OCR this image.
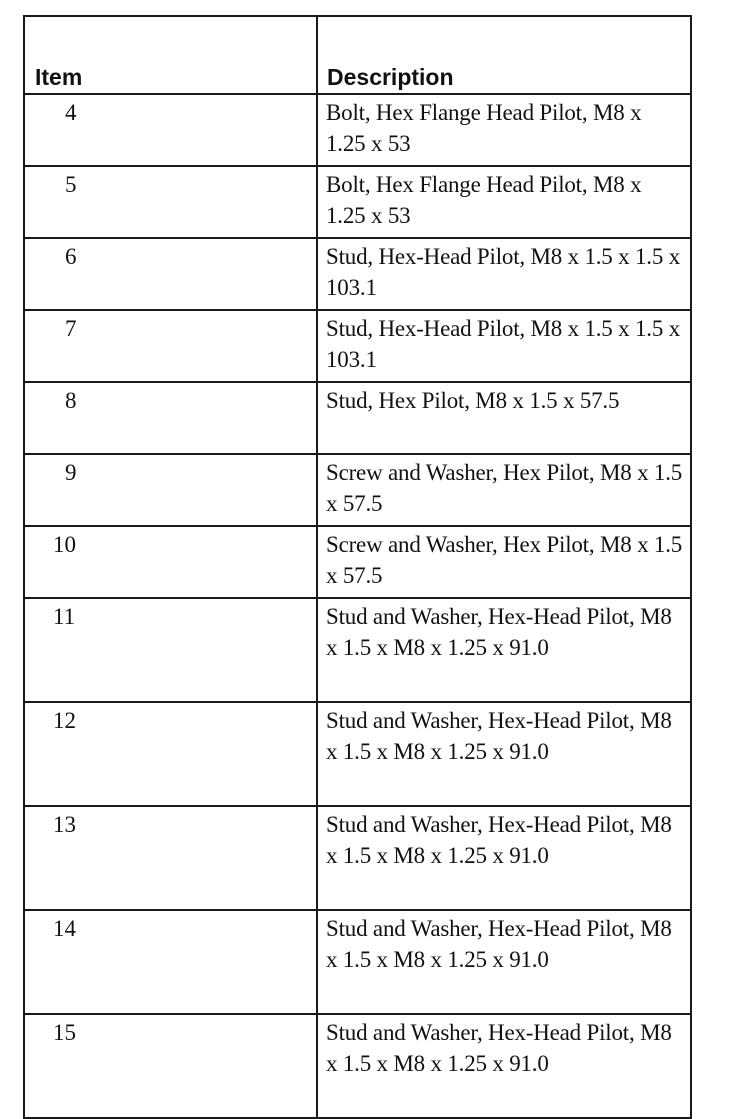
Item	Description
4	Bolt, Hex Flange Head Pilot, M8 x 1.25 x 53
5	Bolt, Hex Flange Head Pilot, M8 x 1.25 x 53
6	Stud, Hex-Head Pilot, M8 x 1.5 x 1.5 x 103.1
7	Stud, Hex-Head Pilot, M8 x 1.5 x 1.5 x 103.1
8	Stud, Hex Pilot, M8 x 1.5 x 57.5
9	Screw and Washer, Hex Pilot, M8 x 1.5 x 57.5
10	Screw and Washer, Hex Pilot, M8 x 1.5 x 57.5
11	Stud and Washer, Hex-Head Pilot, M8 x 1.5 x M8 x 1.25 x 91.0
12	Stud and Washer, Hex-Head Pilot, M8 x 1.5 x M8 x 1.25 x 91.0
13	Stud and Washer, Hex-Head Pilot, M8 x 1.5 x M8 x 1.25 x 91.0
14	Stud and Washer, Hex-Head Pilot, M8 x 1.5 x M8 x 1.25 x 91.0
15	Stud and Washer, Hex-Head Pilot, M8 x 1.5 x M8 x 1.25 x 91.0
